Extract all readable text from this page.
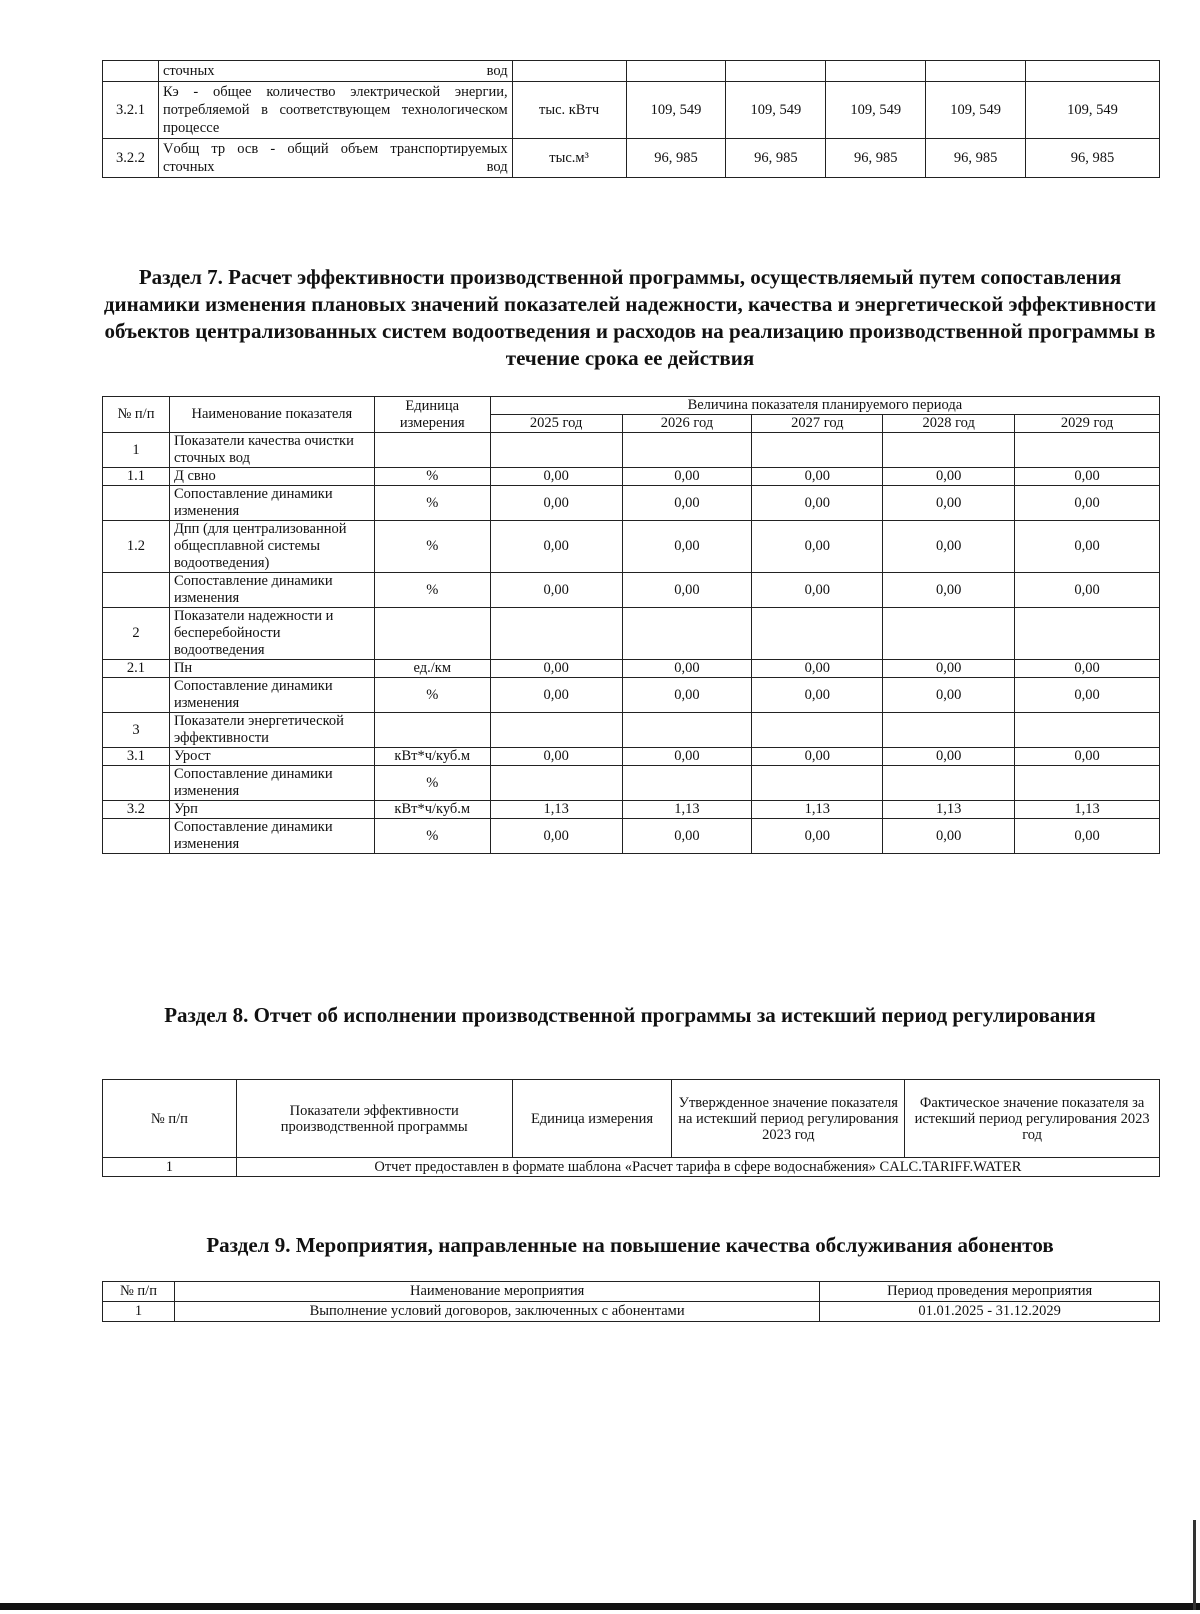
	сточных вод						
3.2.1	Кэ - общее количество электрической энергии, потребляемой в соответствующем технологическом процессе	тыс. кВтч	109, 549	109, 549	109, 549	109, 549	109, 549
3.2.2	Vобщ тр осв - общий объем транспортируемых сточных вод	тыс.м³	96, 985	96, 985	96, 985	96, 985	96, 985
Раздел 7. Расчет эффективности производственной программы, осуществляемый путем сопоставления динамики изменения плановых значений показателей надежности, качества и энергетической эффективности объектов централизованных систем водоотведения и расходов на реализацию производственной программы в течение срока ее действия
№ п/п	Наименование показателя	Единица измерения	Величина показателя планируемого периода				
			2025 год	2026 год	2027 год	2028 год	2029 год
1	Показатели качества очистки сточных вод						
1.1	Д свно	%	0,00	0,00	0,00	0,00	0,00
	Сопоставление динамики изменения	%	0,00	0,00	0,00	0,00	0,00
1.2	Дпп (для централизованной общесплавной системы водоотведения)	%	0,00	0,00	0,00	0,00	0,00
	Сопоставление динамики изменения	%	0,00	0,00	0,00	0,00	0,00
2	Показатели надежности и бесперебойности водоотведения						
2.1	Пн	ед./км	0,00	0,00	0,00	0,00	0,00
	Сопоставление динамики изменения	%	0,00	0,00	0,00	0,00	0,00
3	Показатели энергетической эффективности						
3.1	Урост	кВт*ч/куб.м	0,00	0,00	0,00	0,00	0,00
	Сопоставление динамики изменения	%					
3.2	Урп	кВт*ч/куб.м	1,13	1,13	1,13	1,13	1,13
	Сопоставление динамики изменения	%	0,00	0,00	0,00	0,00	0,00
Раздел 8. Отчет об исполнении производственной программы за истекший период регулирования
№ п/п	Показатели эффективности производственной программы	Единица измерения	Утвержденное значение показателя на истекший период регулирования 2023 год	Фактическое значение показателя за истекший период регулирования 2023 год
1	Отчет предоставлен в формате шаблона «Расчет тарифа в сфере водоснабжения» CALC.TARIFF.WATER			
Раздел 9. Мероприятия, направленные на повышение качества обслуживания абонентов
№ п/п	Наименование мероприятия	Период проведения мероприятия
1	Выполнение условий договоров, заключенных с абонентами	01.01.2025 - 31.12.2029
